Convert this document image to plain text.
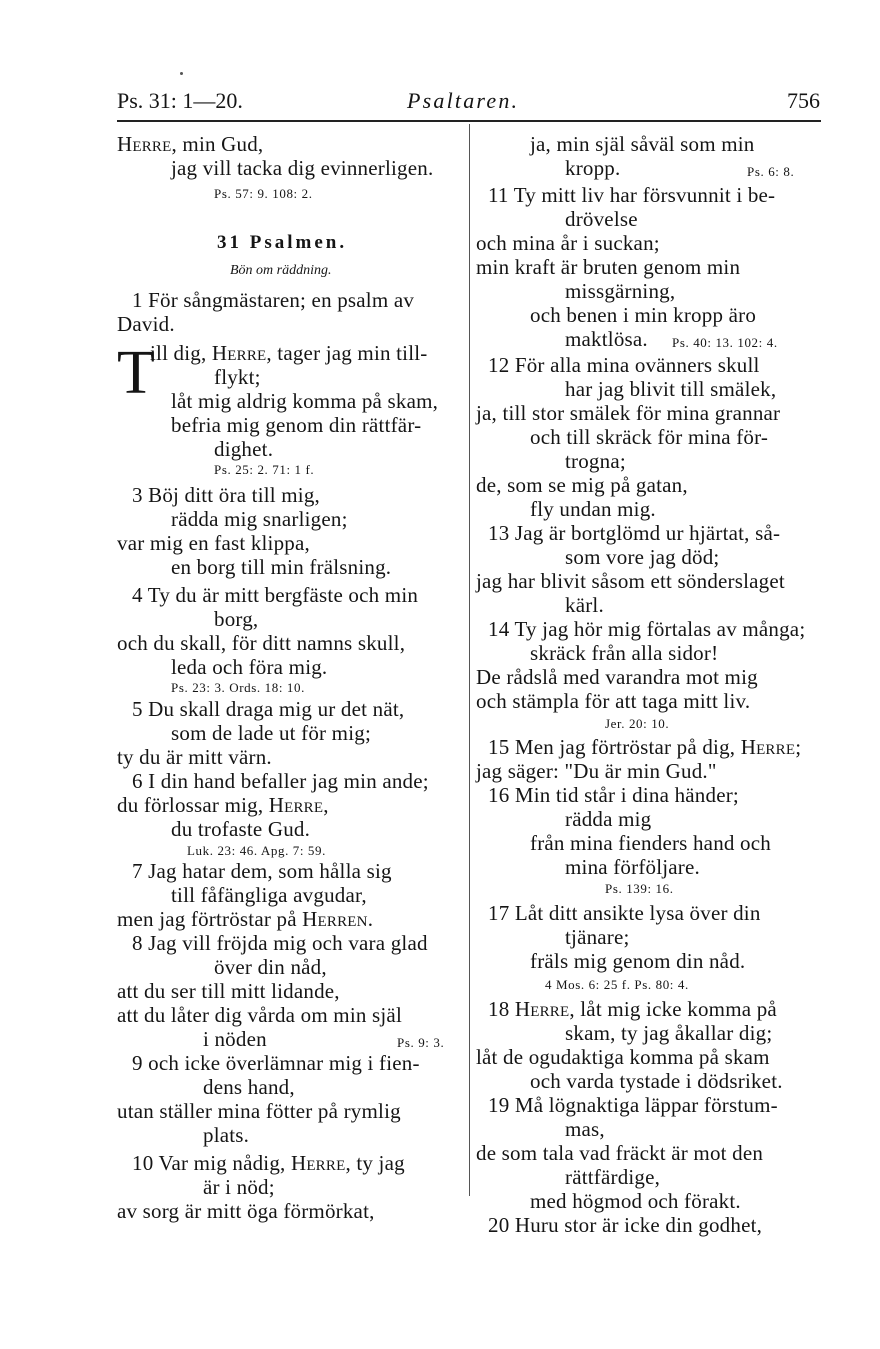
Ps. 31: 1—20.	Psaltaren.	756
31 Psalmen.
Bön om räddning.
T
Herre, min Gud,
jag vill tacka dig evinnerligen.
Ps. 57: 9. 108: 2.
1 För sångmästaren; en psalm av
David.
ill dig, Herre, tager jag min till-
flykt;
låt mig aldrig komma på skam,
befria mig genom din rättfär-
dighet.
Ps. 25: 2. 71: 1 f.
3 Böj ditt öra till mig,
rädda mig snarligen;
var mig en fast klippa,
en borg till min frälsning.
4 Ty du är mitt bergfäste och min
borg,
och du skall, för ditt namns skull,
leda och föra mig.
Ps. 23: 3. Ords. 18: 10.
5 Du skall draga mig ur det nät,
som de lade ut för mig;
ty du är mitt värn.
6 I din hand befaller jag min ande;
du förlossar mig, Herre,
du trofaste Gud.
Luk. 23: 46. Apg. 7: 59.
7 Jag hatar dem, som hålla sig
till fåfängliga avgudar,
men jag förtröstar på Herren.
8 Jag vill fröjda mig och vara glad
över din nåd,
att du ser till mitt lidande,
att du låter dig vårda om min själ
i nöden	Ps. 9: 3.
9 och icke överlämnar mig i fien-
dens hand,
utan ställer mina fötter på rymlig
plats.
10 Var mig nådig, Herre, ty jag
är i nöd;
av sorg är mitt öga förmörkat,
ja, min själ såväl som min
kropp.	Ps. 6: 8.
11 Ty mitt liv har försvunnit i be-
drövelse
och mina år i suckan;
min kraft är bruten genom min
missgärning,
och benen i min kropp äro
maktlösa. Ps. 40: 13. 102: 4.
12 För alla mina ovänners skull
har jag blivit till smälek,
ja, till stor smälek för mina grannar
och till skräck för mina för-
trogna;
de, som se mig på gatan,
fly undan mig.
13 Jag är bortglömd ur hjärtat, så-
som vore jag död;
jag har blivit såsom ett sönderslaget
kärl.
14 Ty jag hör mig förtalas av många;
skräck från alla sidor!
De rådslå med varandra mot mig
och stämpla för att taga mitt liv.
Jer. 20: 10.
15 Men jag förtröstar på dig, Herre;
jag säger: "Du är min Gud."
16 Min tid står i dina händer;
rädda mig
från mina fienders hand och
mina förföljare.
Ps. 139: 16.
17 Låt ditt ansikte lysa över din
tjänare;
fräls mig genom din nåd.
4 Mos. 6: 25 f. Ps. 80: 4.
18 Herre, låt mig icke komma på
skam, ty jag åkallar dig;
låt de ogudaktiga komma på skam
och varda tystade i dödsriket.
19 Må lögnaktiga läppar förstum-
mas,
de som tala vad fräckt är mot den
rättfärdige,
med högmod och förakt.
20 Huru stor är icke din godhet,
